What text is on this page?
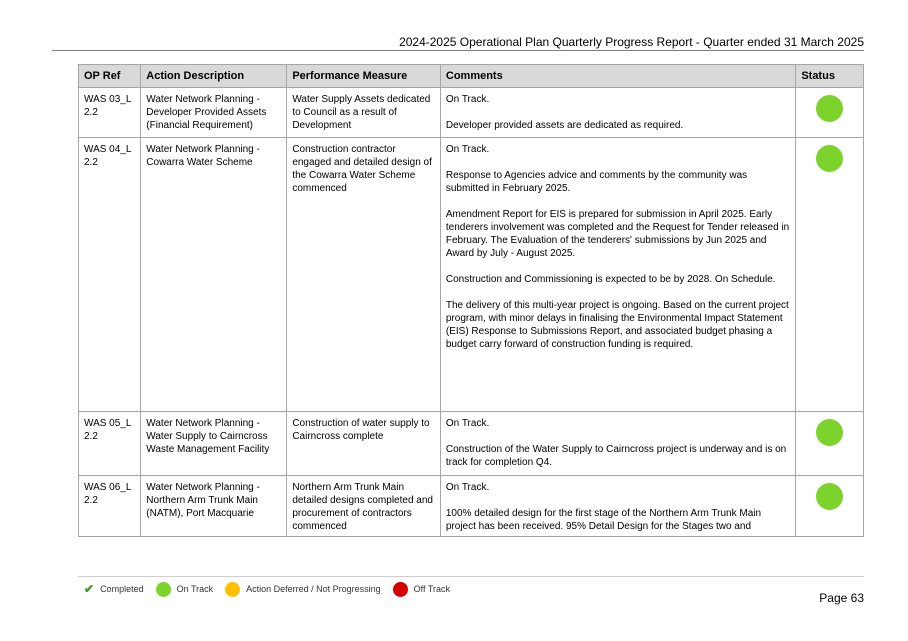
2024-2025 Operational Plan Quarterly Progress Report - Quarter ended 31 March 2025
OP Ref	Action Description	Performance Measure	Comments	Status
WAS 03_L 2.2	Water Network Planning - Developer Provided Assets (Financial Requirement)	Water Supply Assets dedicated to Council as a result of Development	On Track.

Developer provided assets are dedicated as required.	

WAS 04_L 2.2	Water Network Planning - Cowarra Water Scheme	Construction contractor engaged and detailed design of the Cowarra Water Scheme commenced	On Track.

Response to Agencies advice and comments by the community was submitted in February 2025.

Amendment Report for EIS is prepared for submission in April 2025. Early tenderers involvement was completed and the Request for Tender released in February. The Evaluation of the tenderers' submissions by Jun 2025 and Award by July - August 2025.

Construction and Commissioning is expected to be by 2028. On Schedule.

The delivery of this multi-year project is ongoing. Based on the current project program, with minor delays in finalising the Environmental Impact Statement (EIS) Response to Submissions Report, and associated budget phasing a budget carry forward of construction funding is required.	

WAS 05_L 2.2	Water Network Planning - Water Supply to Cairncross Waste Management Facility	Construction of water supply to Cairncross complete	On Track.

Construction of the Water Supply to Cairncross project is underway and is on track for completion Q4.	

WAS 06_L 2.2	Water Network Planning - Northern Arm Trunk Main (NATM), Port Macquarie	Northern Arm Trunk Main detailed designs completed and procurement of contractors commenced	On Track.

100% detailed design for the first stage of the Northern Arm Trunk Main project has been received. 95% Detail Design for the Stages two and	

✔ Completed	On Track	Action Deferred / Not Progressing	Off Track
Page 63
